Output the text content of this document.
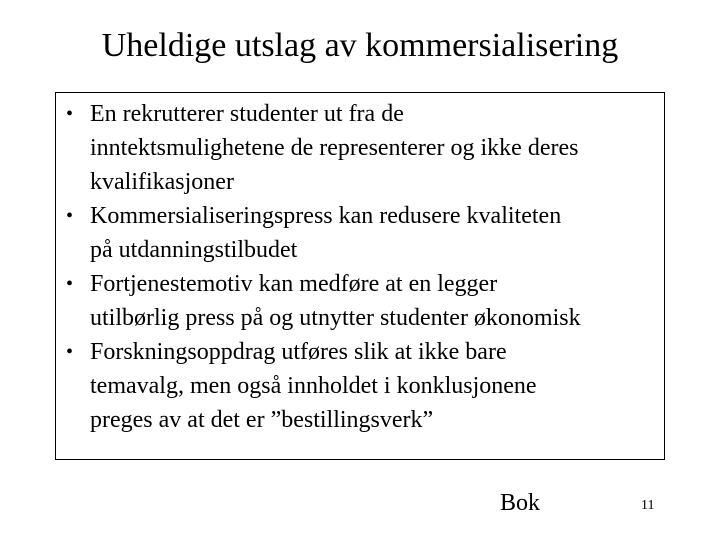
Uheldige utslag av kommersialisering
• En rekrutterer studenter ut fra de
inntektsmulighetene de representerer og ikke deres
kvalifikasjoner
• Kommersialiseringspress kan redusere kvaliteten
på utdanningstilbudet
• Fortjenestemotiv kan medføre at en legger
utilbørlig press på og utnytter studenter økonomisk
• Forskningsoppdrag utføres slik at ikke bare
temavalg, men også innholdet i konklusjonene
preges av at det er ”bestillingsverk”
Bok	11
